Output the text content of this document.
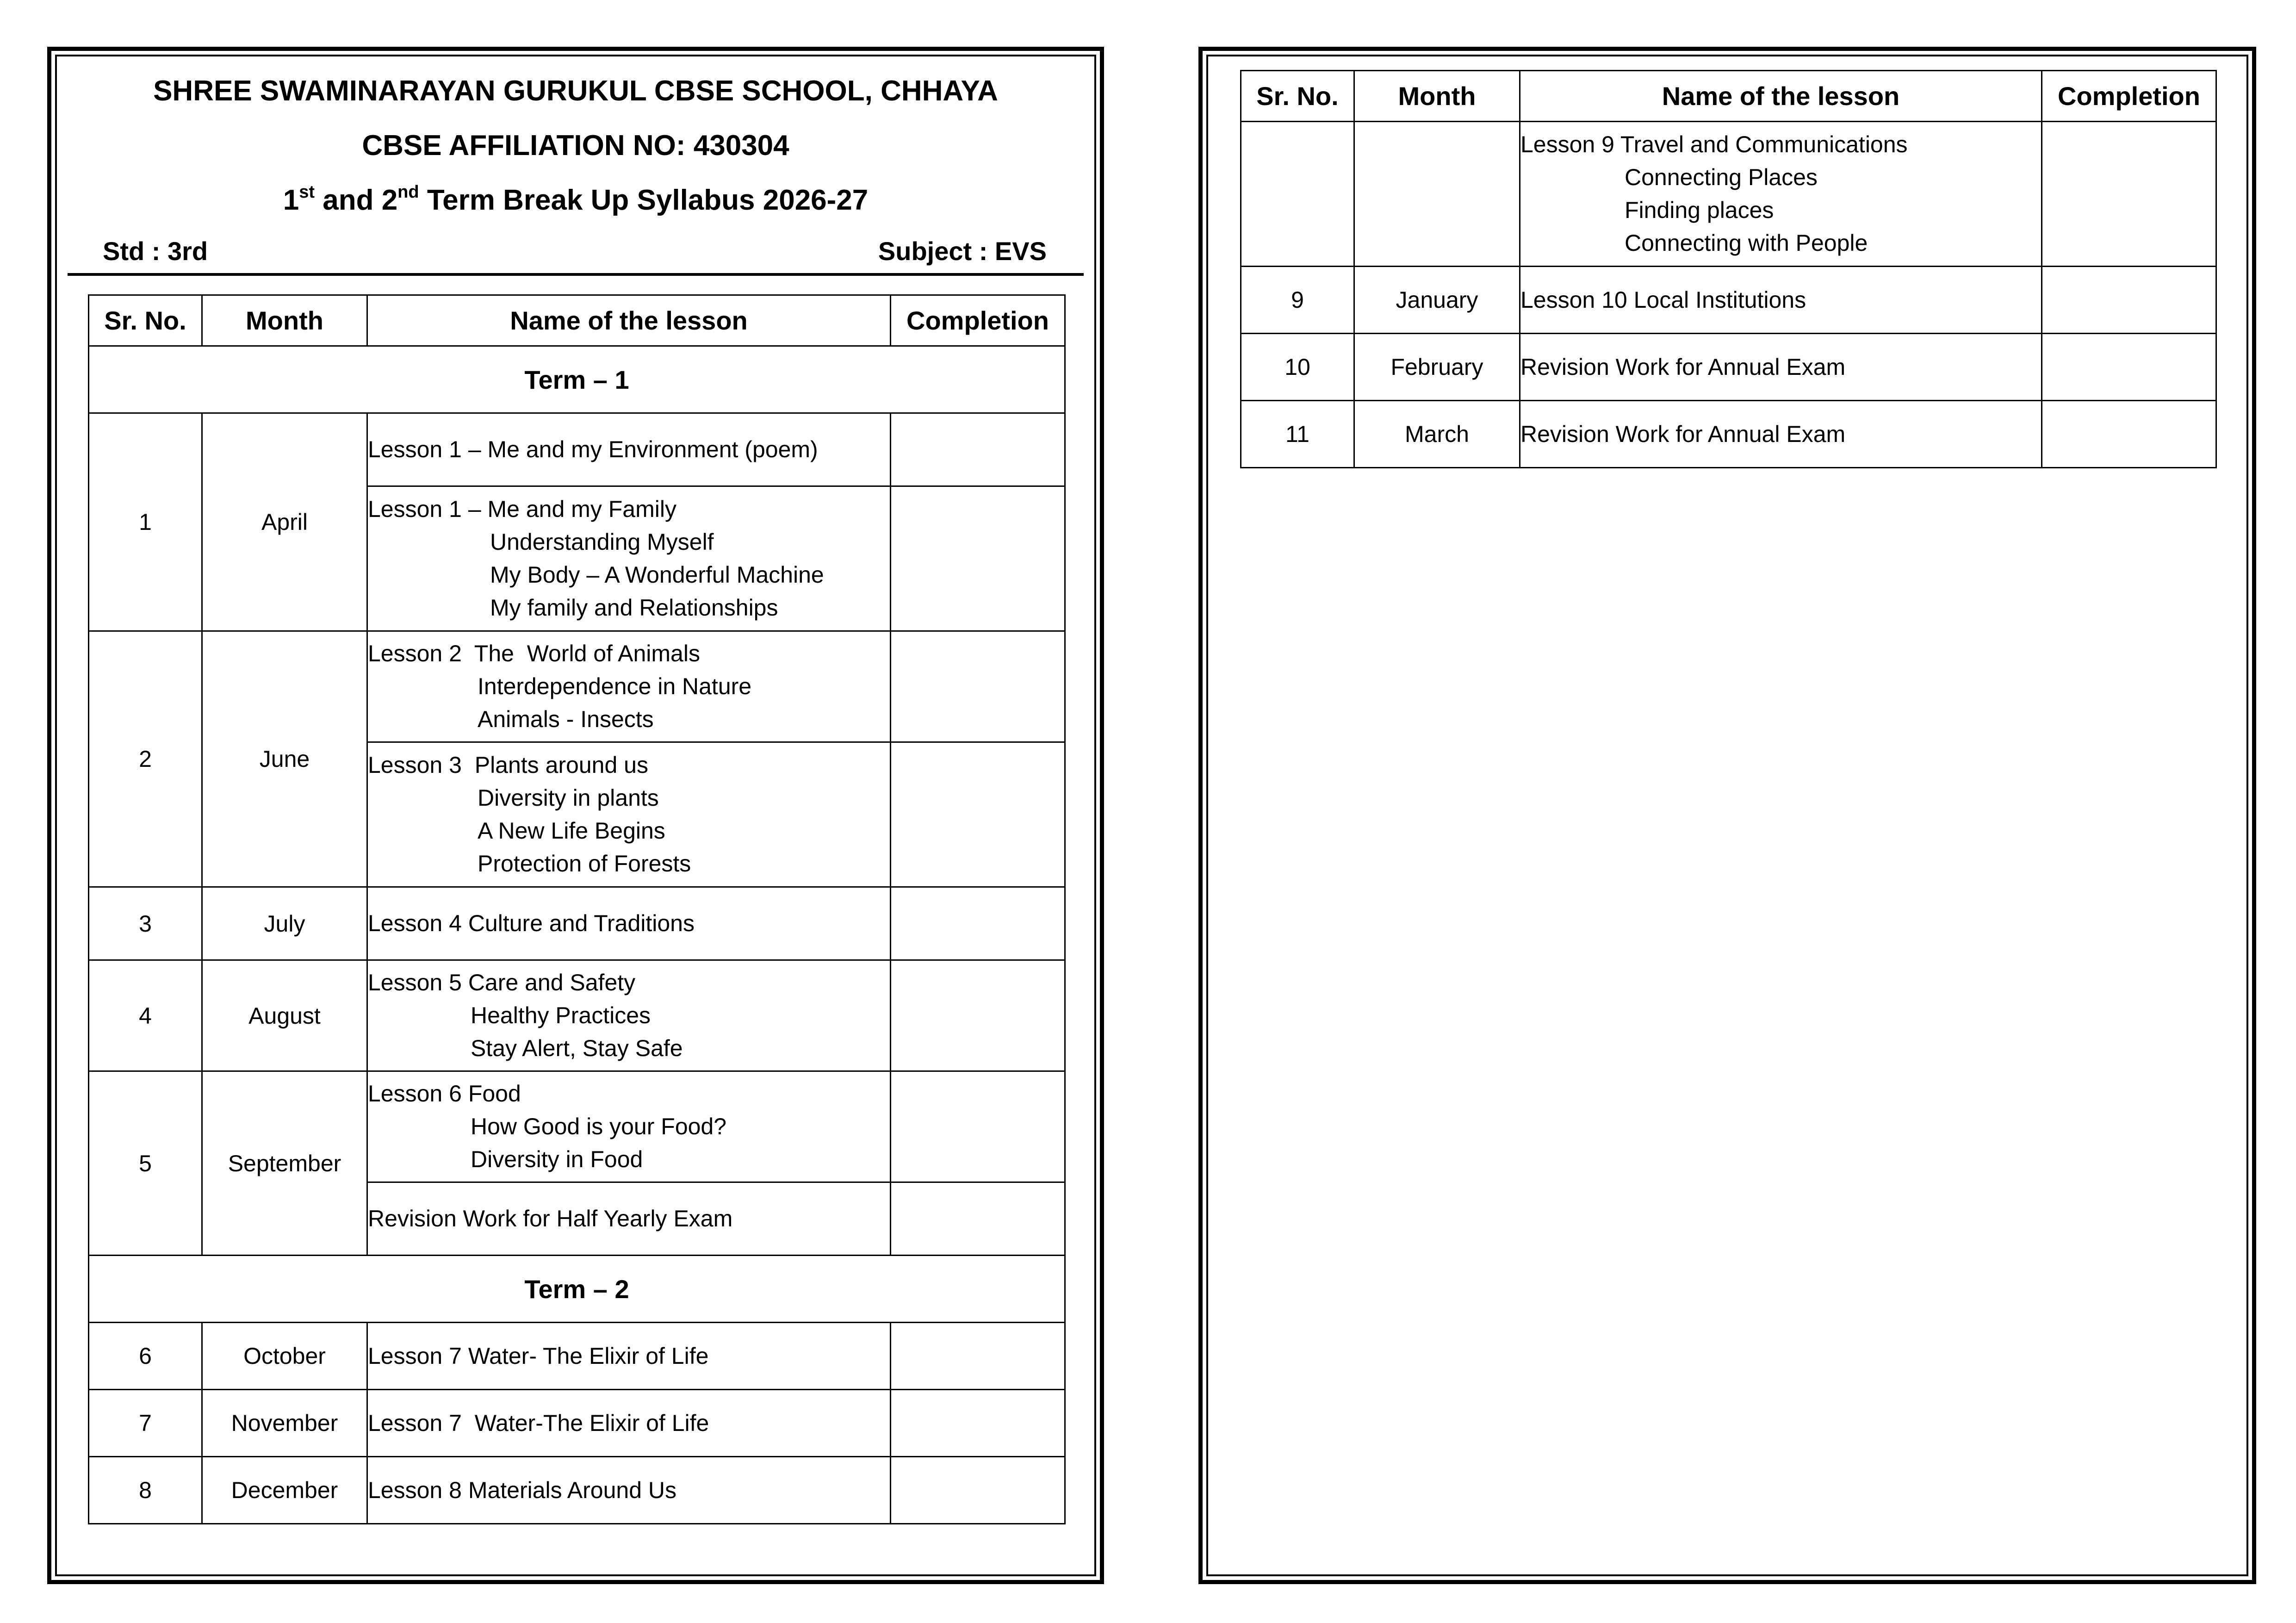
SHREE SWAMINARAYAN GURUKUL CBSE SCHOOL, CHHAYA
CBSE AFFILIATION NO: 430304
1st and 2nd Term Break Up Syllabus 2026-27
Std : 3rd	Subject : EVS
Sr. No.	Month	Name of the lesson	Completion
Term – 1			
1	April	Lesson 1 – Me and my Environment (poem)	

		Lesson 1 – Me and my Family
Understanding Myself
My Body – A Wonderful Machine
My family and Relationships	

2	June	Lesson 2  The  World of Animals
Interdependence in Nature
Animals - Insects	

		Lesson 3  Plants around us
Diversity in plants
A New Life Begins
Protection of Forests	

3	July	Lesson 4 Culture and Traditions	
4	August	Lesson 5 Care and Safety
Healthy Practices
Stay Alert, Stay Safe	

5	September	Lesson 6 Food
How Good is your Food?
Diversity in Food	

		Revision Work for Half Yearly Exam	
Term – 2			
6	October	Lesson 7 Water- The Elixir of Life	
7	November	Lesson 7  Water-The Elixir of Life	
8	December	Lesson 8 Materials Around Us	
Sr. No.	Month	Name of the lesson	Completion

		Lesson 9 Travel and Communications
Connecting Places
Finding places
Connecting with People	

9	January	Lesson 10 Local Institutions	
10	February	Revision Work for Annual Exam	
11	March	Revision Work for Annual Exam	
